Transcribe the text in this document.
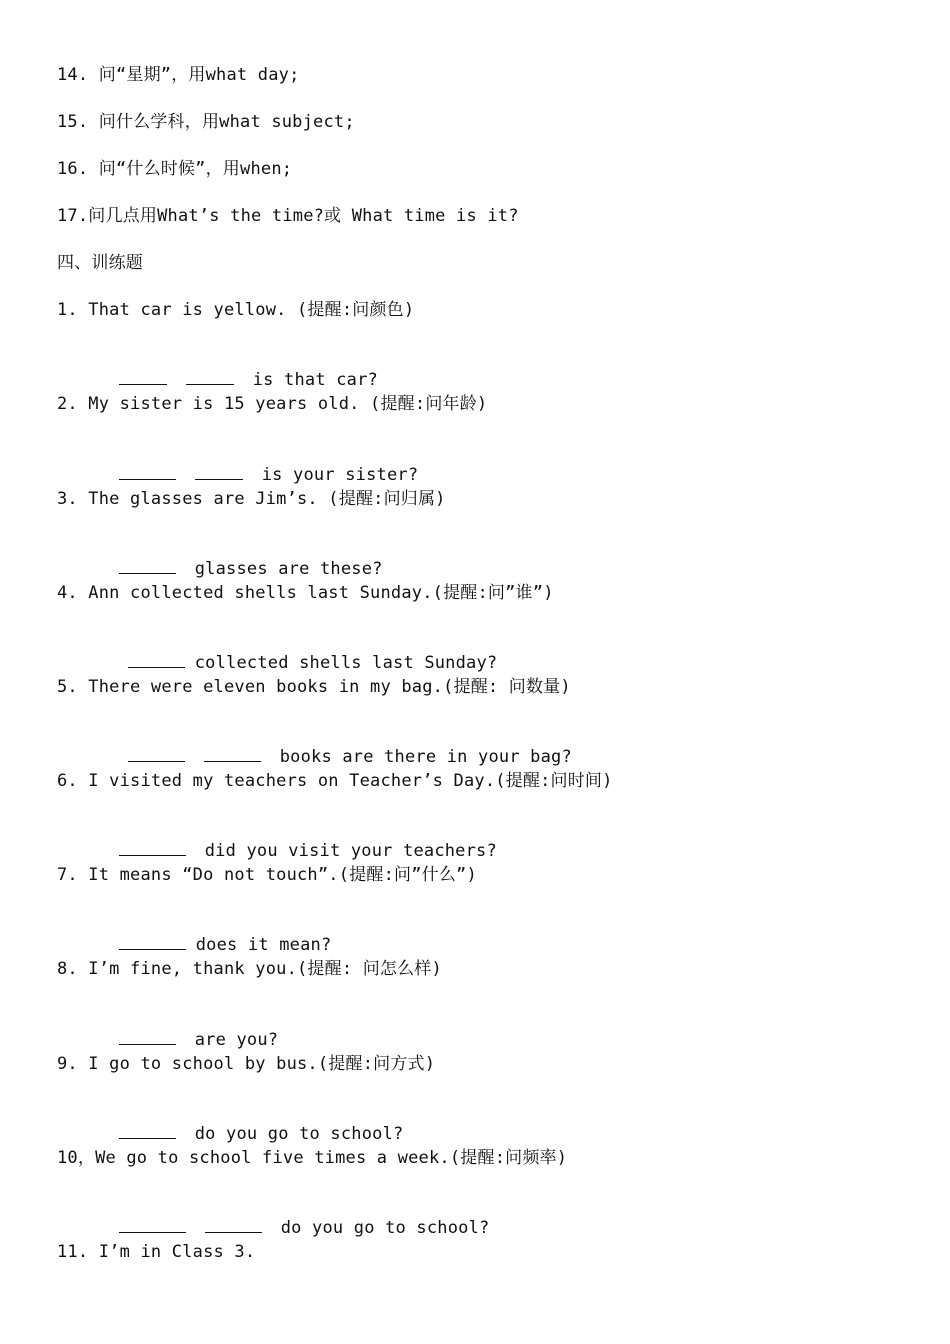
14. 问“星期”，用what day;
15. 问什么学科，用what subject;
16. 问“什么时候”，用when;
17.问几点用What’s the time?或 What time is it?
四、训练题
1. That car is yellow. (提醒:问颜色)

is that car?

2. My sister is 15 years old. (提醒:问年龄)

is your sister?

3. The glasses are Jim’s. (提醒:问归属)

glasses are these?

4. Ann collected shells last Sunday.(提醒:问”谁”)

collected shells last Sunday?

5. There were eleven books in my bag.(提醒: 问数量)

books are there in your bag?

6. I visited my teachers on Teacher’s Day.(提醒:问时间)

did you visit your teachers?

7. It means “Do not touch”.(提醒:问”什么”)

does it mean?

8. I’m fine, thank you.(提醒: 问怎么样)

are you?

9. I go to school by bus.(提醒:问方式)

do you go to school?

10，We go to school five times a week.(提醒:问频率)

do you go to school?

11. I’m in Class 3.
